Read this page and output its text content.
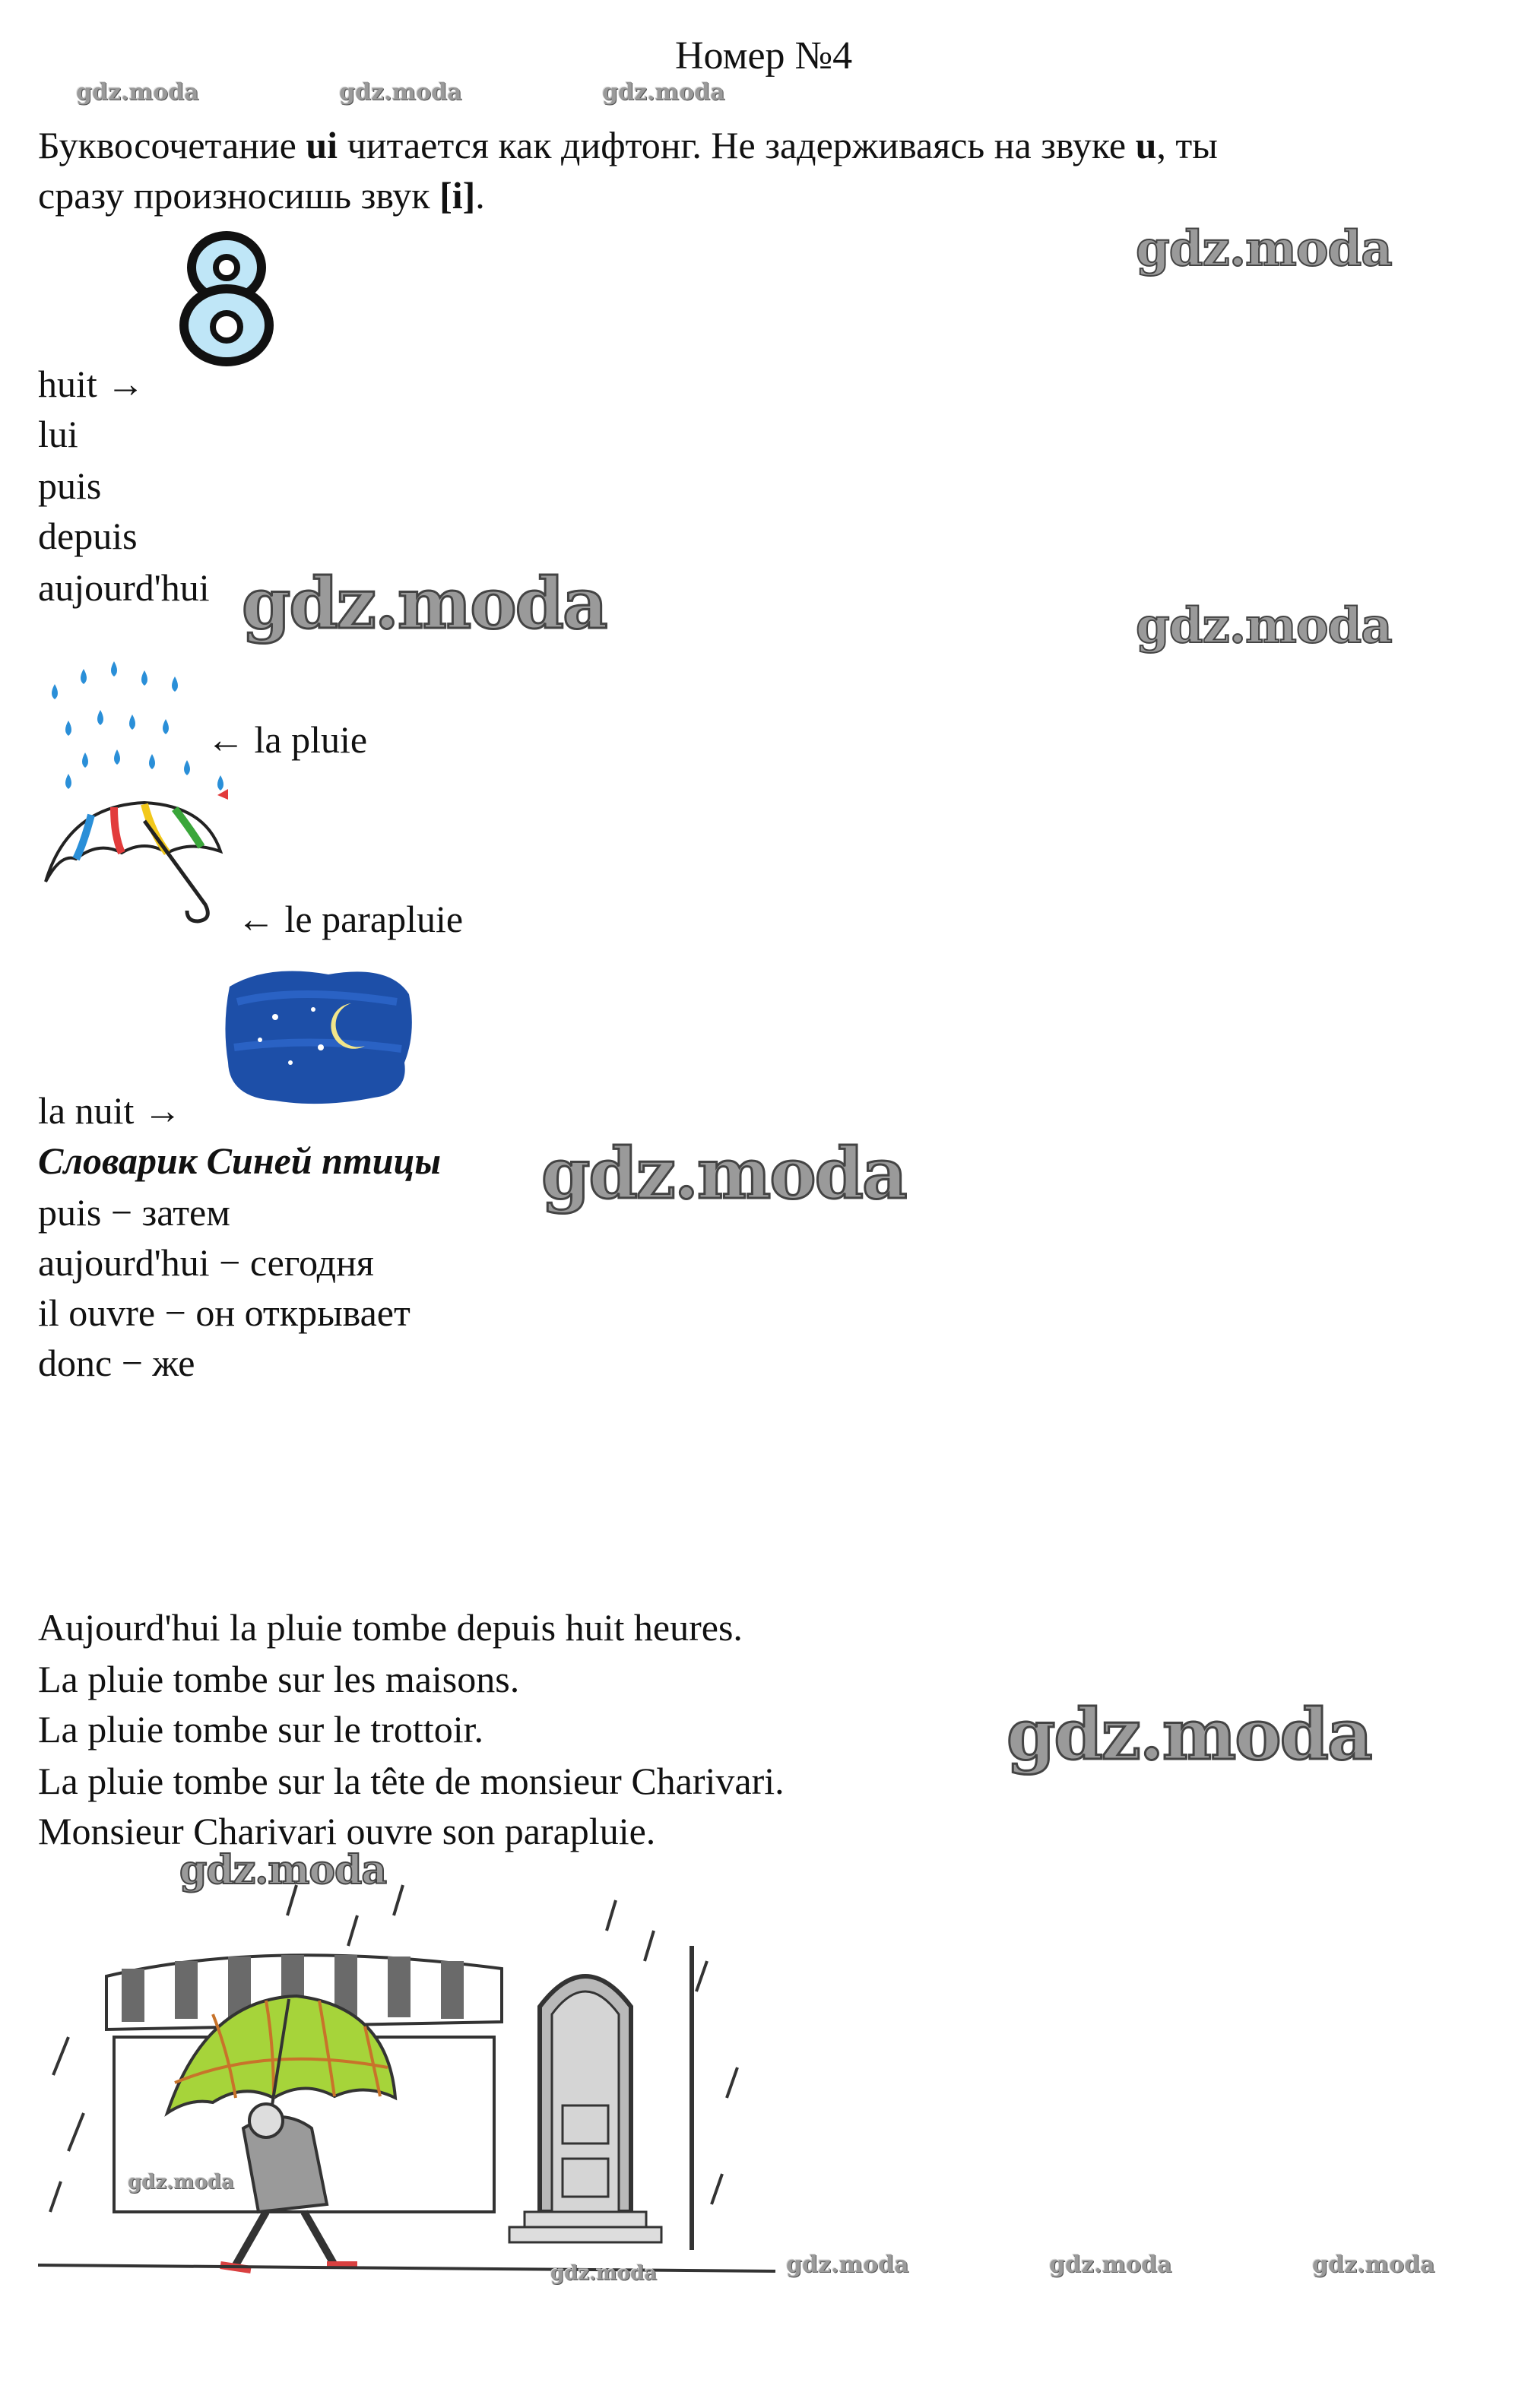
Номер №4
gdz.moda	gdz.moda	gdz.moda
Буквосочетание ui читается как дифтонг. Не задерживаясь на звуке u, ты
сразу произносишь звук [i].
gdz.moda
huit →
lui
puis
depuis
aujourd'hui gdz.moda	gdz.moda
← la pluie
← le parapluie
la nuit →
Словарик Синей птицы gdz.moda
puis − затем
aujourd'hui − сегодня
il ouvre − он открывает
donc − же
Aujourd'hui la pluie tombe depuis huit heures.
La pluie tombe sur les maisons.
La pluie tombe sur le trottoir.
La pluie tombe sur la tête de monsieur Charivari.
Monsieur Charivari ouvre son parapluie.
gdz.moda
gdz.moda
gdz.moda
gdz.moda	gdz.moda	gdz.moda	gdz.moda
